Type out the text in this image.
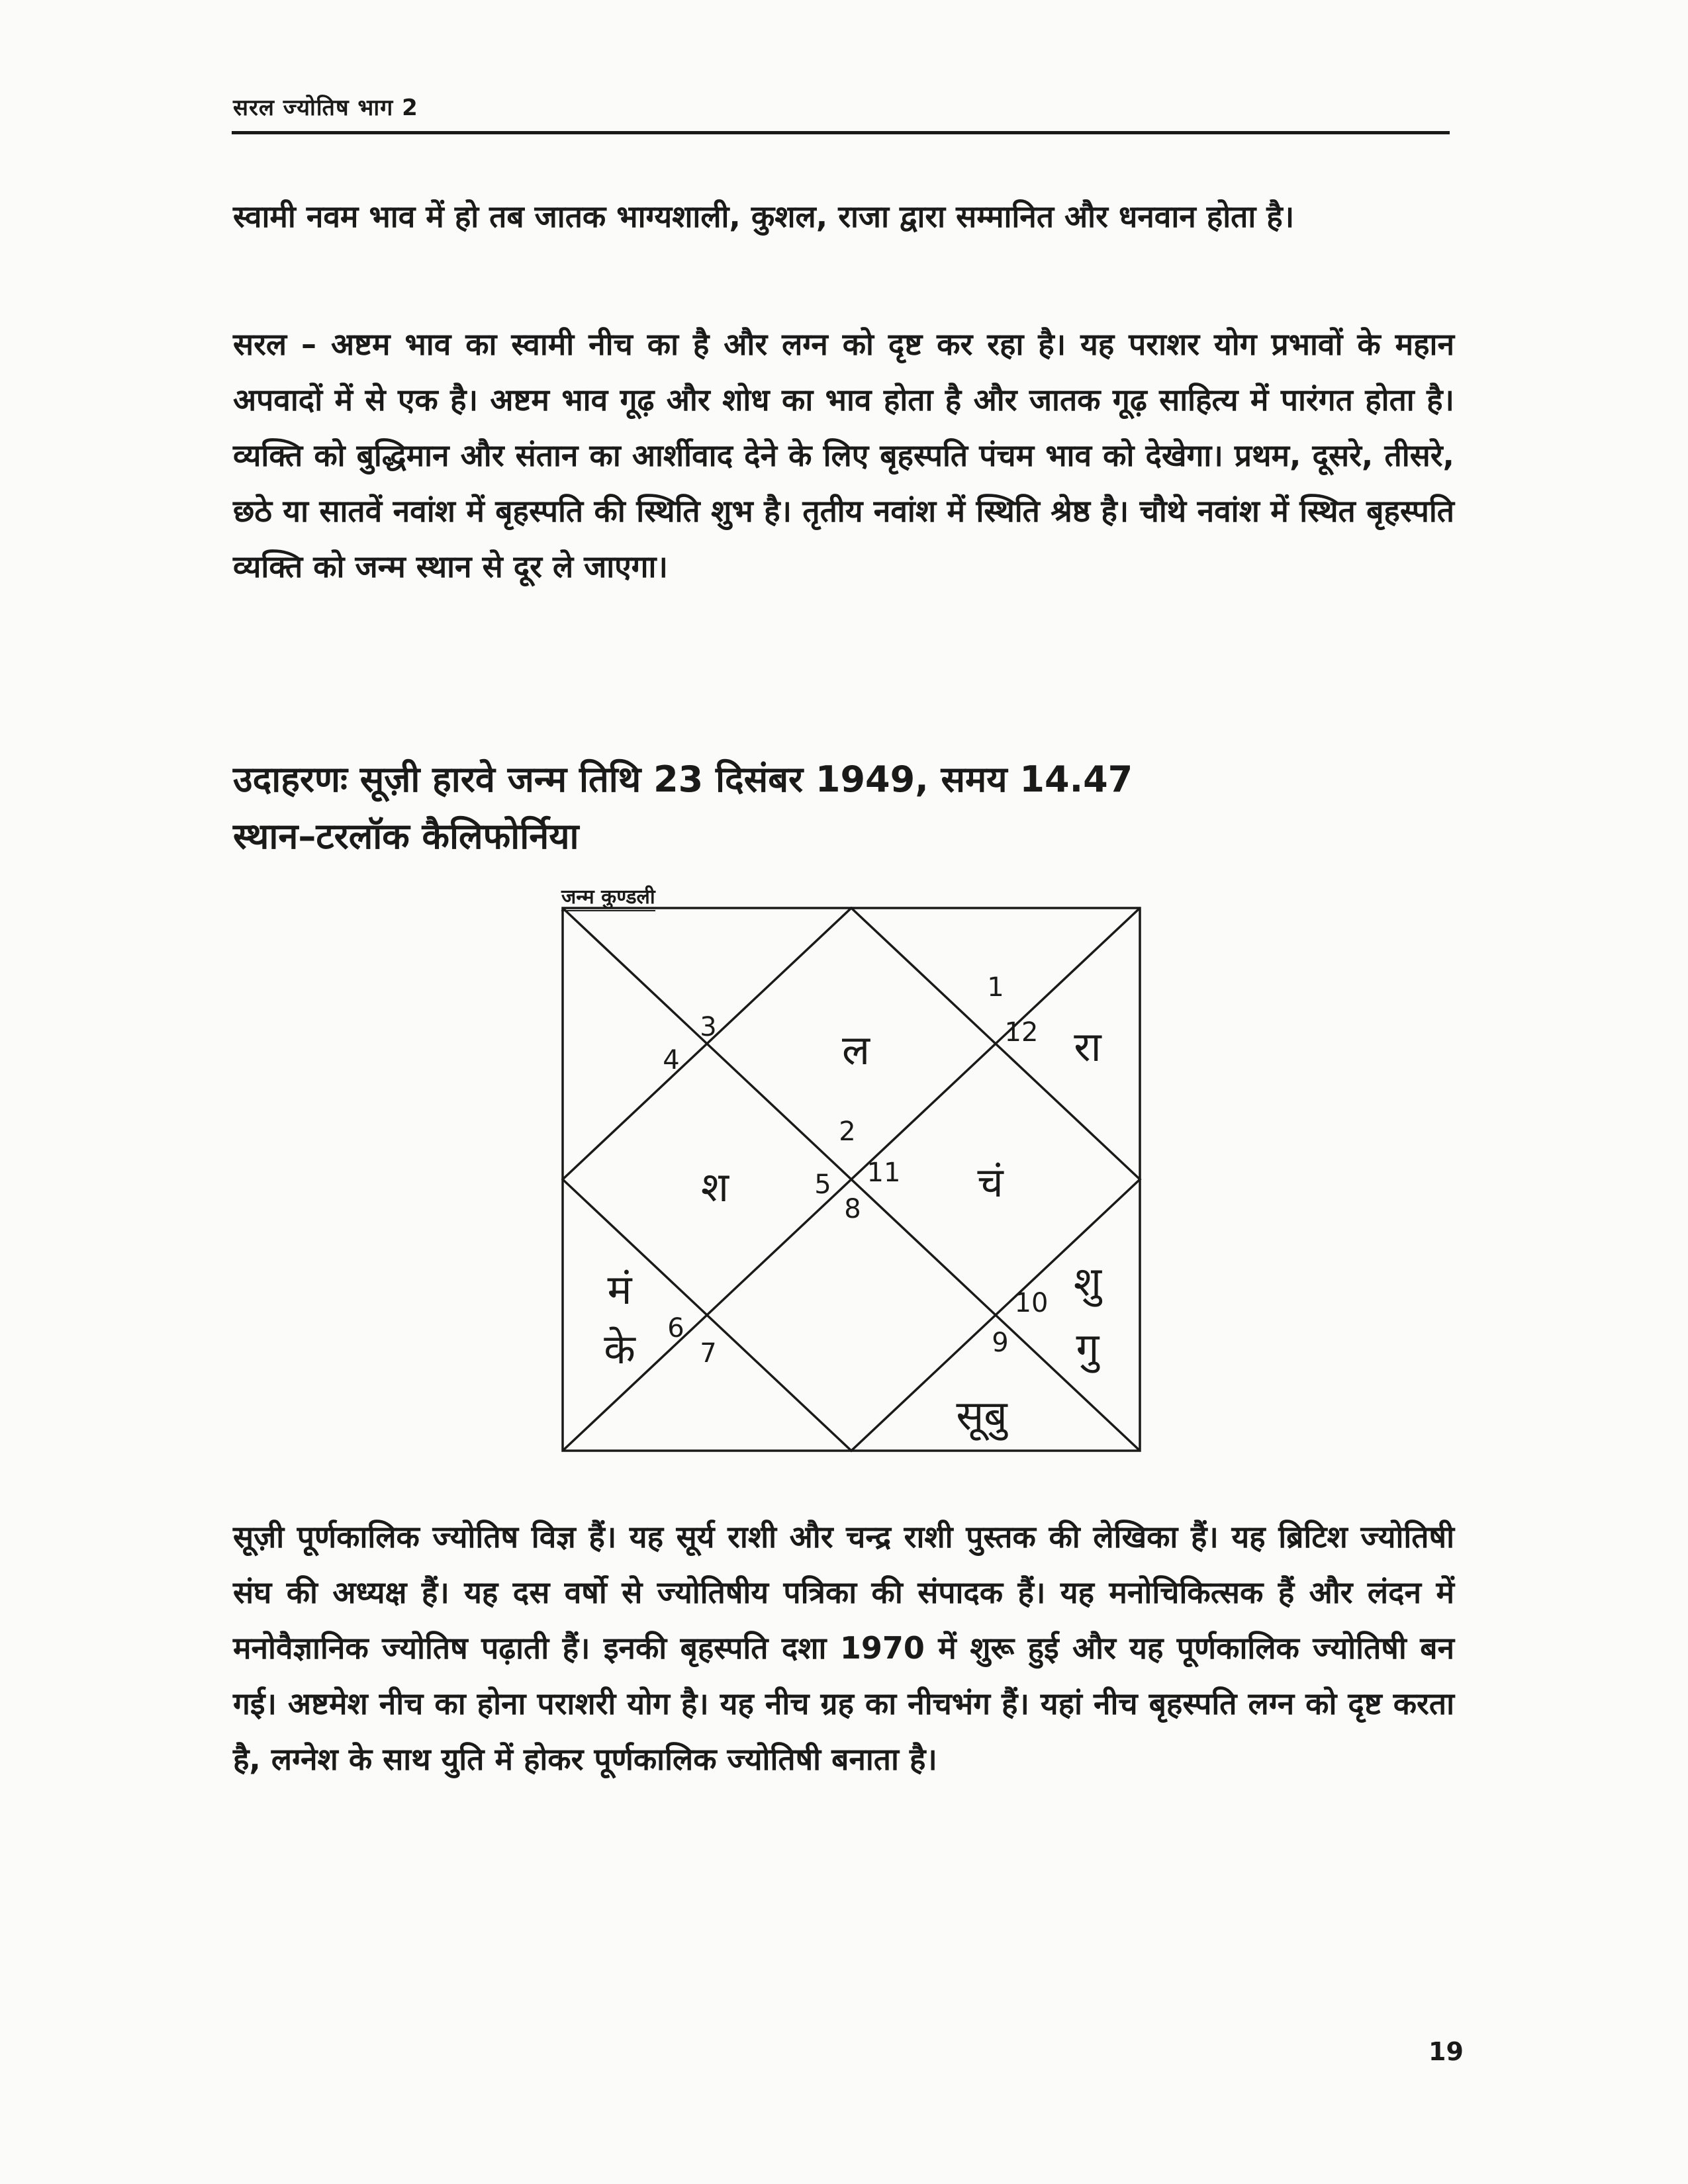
सरल ज्योतिष भाग 2

स्वामी नवम भाव में हो तब जातक भाग्यशाली, कुशल, राजा द्वारा सम्मानित और धनवान होता है।

सरल – अष्टम भाव का स्वामी नीच का है और लग्न को दृष्ट कर रहा है। यह पराशर योग प्रभावों के महान अपवादों में से एक है। अष्टम भाव गूढ़ और शोध का भाव होता है और जातक गूढ़ साहित्य में पारंगत होता है। व्यक्ति को बुद्धिमान और संतान का आर्शीवाद देने के लिए बृहस्पति पंचम भाव को देखेगा। प्रथम, दूसरे, तीसरे, छठे या सातवें नवांश में बृहस्पति की स्थिति शुभ है। तृतीय नवांश में स्थिति श्रेष्ठ है। चौथे नवांश में स्थित बृहस्पति व्यक्ति को जन्म स्थान से दूर ले जाएगा।

उदाहरणः सूज़ी हारवे जन्म तिथि 23 दिसंबर 1949, समय 14.47
स्थान–टरलॉक कैलिफोर्निया
जन्म कुण्डली
2
1
12
11
10
9
8
7
6
5
4
3	ल	रा
श	चं
मं
के
शु
गु
सूबु

सूज़ी पूर्णकालिक ज्योतिष विज्ञ हैं। यह सूर्य राशी और चन्द्र राशी पुस्तक की लेखिका हैं। यह ब्रिटिश ज्योतिषी संघ की अध्यक्ष हैं। यह दस वर्षो से ज्योतिषीय पत्रिका की संपादक हैं। यह मनोचिकित्सक हैं और लंदन में मनोवैज्ञानिक ज्योतिष पढ़ाती हैं। इनकी बृहस्पति दशा 1970 में शुरू हुई और यह पूर्णकालिक ज्योतिषी बन गई। अष्टमेश नीच का होना पराशरी योग है। यह नीच ग्रह का नीचभंग हैं। यहां नीच बृहस्पति लग्न को दृष्ट करता है, लग्नेश के साथ युति में होकर पूर्णकालिक ज्योतिषी बनाता है।

19
